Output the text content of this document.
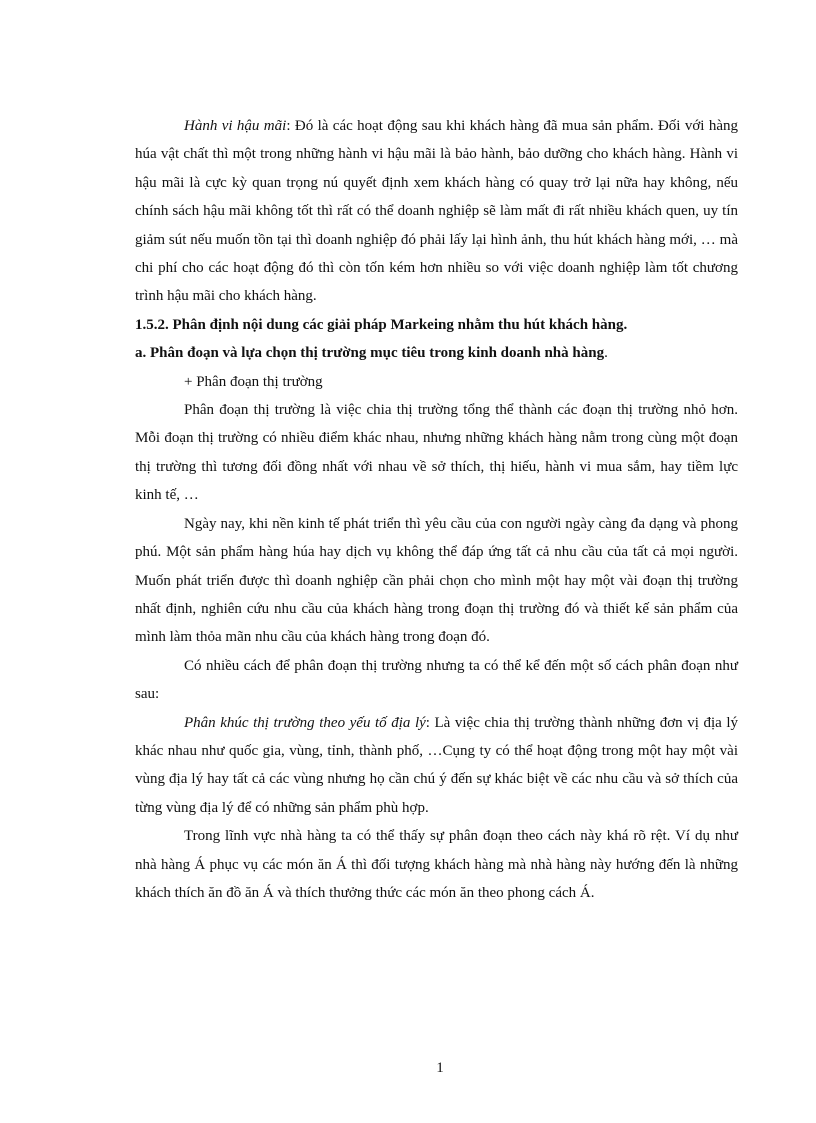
Hành vi hậu mãi: Đó là các hoạt động sau khi khách hàng đã mua sản phẩm. Đối với hàng húa vật chất thì một trong những hành vi hậu mãi là bảo hành, bảo dưỡng cho khách hàng. Hành vi hậu mãi là cực kỳ quan trọng nú quyết định xem khách hàng có quay trở lại nữa hay không, nếu chính sách hậu mãi không tốt thì rất có thể doanh nghiệp sẽ làm mất đi rất nhiều khách quen, uy tín giảm sút nếu muốn tồn tại thì doanh nghiệp đó phải lấy lại hình ảnh, thu hút khách hàng mới, … mà chi phí cho các hoạt động đó thì còn tốn kém hơn nhiều so với việc doanh nghiệp làm tốt chương trình hậu mãi cho khách hàng.

1.5.2. Phân định nội dung các giải pháp Markeing nhằm thu hút khách hàng.

a. Phân đoạn và lựa chọn thị trường mục tiêu trong kinh doanh nhà hàng.

+ Phân đoạn thị trường

Phân đoạn thị trường là việc chia thị trường tổng thể thành các đoạn thị trường nhỏ hơn. Mỗi đoạn thị trường có nhiều điểm khác nhau, nhưng những khách hàng nằm trong cùng một đoạn thị trường thì tương đối đồng nhất với nhau về sở thích, thị hiếu, hành vi mua sắm, hay tiềm lực kinh tế, …

Ngày nay, khi nền kinh tế phát triển thì yêu cầu của con người ngày càng đa dạng và phong phú. Một sản phẩm hàng húa hay dịch vụ không thể đáp ứng tất cả nhu cầu của tất cả mọi người. Muốn phát triển được thì doanh nghiệp cần phải chọn cho mình một hay một vài đoạn thị trường nhất định, nghiên cứu nhu cầu của khách hàng trong đoạn thị trường đó và thiết kế sản phẩm của mình làm thỏa mãn nhu cầu của khách hàng trong đoạn đó.

Có nhiều cách để phân đoạn thị trường nhưng ta có thể kể đến một số cách phân đoạn như sau:

Phân khúc thị trường theo yếu tố địa lý: Là việc chia thị trường thành những đơn vị địa lý khác nhau như quốc gia, vùng, tỉnh, thành phố, …Cụng ty có thể hoạt động trong một hay một vài vùng địa lý hay tất cả các vùng nhưng họ cần chú ý đến sự khác biệt về các nhu cầu và sở thích của từng vùng địa lý để có những sản phẩm phù hợp.

Trong lĩnh vực nhà hàng ta có thể thấy sự phân đoạn theo cách này khá rõ rệt. Ví dụ như nhà hàng Á phục vụ các món ăn Á thì đối tượng khách hàng mà nhà hàng này hướng đến là những khách thích ăn đồ ăn Á và thích thưởng thức các món ăn theo phong cách Á.

1
